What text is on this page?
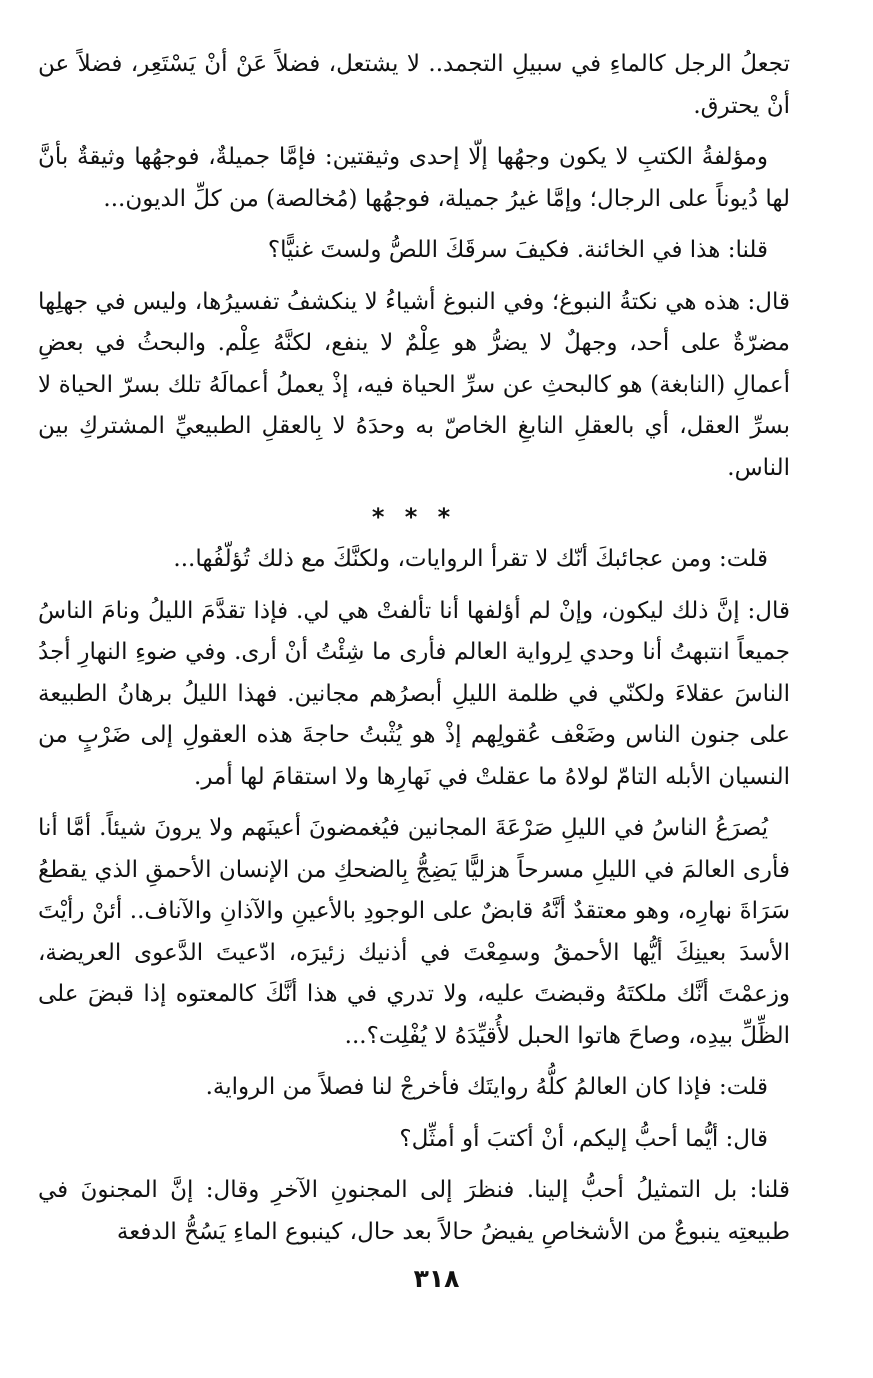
تجعلُ الرجل كالماءِ في سبيلِ التجمد.. لا يشتعل، فضلاً عَنْ أنْ يَسْتَعِر، فضلاً عن أنْ يحترق.

ومؤلفةُ الكتبِ لا يكون وجهُها إلّا إحدى وثيقتين: فإمَّا جميلةٌ، فوجهُها وثيقةٌ بأنَّ لها دُيوناً على الرجال؛ وإمَّا غيرُ جميلة، فوجهُها (مُخالصة) من كلِّ الديون...

قلنا: هذا في الخائنة. فكيفَ سرقَكَ اللصُّ ولستَ غنيًّا؟

قال: هذه هي نكتةُ النبوغ؛ وفي النبوغ أشياءُ لا ينكشفُ تفسيرُها، وليس في جهلِها مضرّةٌ على أحد، وجهلٌ لا يضرُّ هو عِلْمٌ لا ينفع، لكنَّهُ عِلْم. والبحثُ في بعضِ أعمالِ (النابغة) هو كالبحثِ عن سرِّ الحياة فيه، إذْ يعملُ أعمالَهُ تلك بسرّ الحياة لا بسرِّ العقل، أي بالعقلِ النابغِ الخاصّ به وحدَهُ لا بِالعقلِ الطبيعيِّ المشتركِ بين الناس.

* * *

قلت: ومن عجائبكَ أنّك لا تقرأ الروايات، ولكنَّكَ مع ذلك تُؤلّفُها...

قال: إنَّ ذلك ليكون، وإنْ لم أؤلفها أنا تألفتْ هي لي. فإذا تقدَّمَ الليلُ ونامَ الناسُ جميعاً انتبهتُ أنا وحدي لِرواية العالم فأرى ما شِئْتُ أنْ أرى. وفي ضوءِ النهارِ أجدُ الناسَ عقلاءَ ولكنّي في ظلمة الليلِ أبصرُهم مجانين. فهذا الليلُ برهانُ الطبيعة على جنون الناس وضَعْف عُقولِهم إذْ هو يُثْبتُ حاجةَ هذه العقولِ إلى ضَرْبٍ من النسيان الأبله التامّ لولاهُ ما عقلتْ في نَهارِها ولا استقامَ لها أمر.

يُصرَعُ الناسُ في الليلِ صَرْعَةَ المجانين فيُغمضونَ أعينَهم ولا يرونَ شيئاً. أمَّا أنا فأرى العالمَ في الليلِ مسرحاً هزليًّا يَضِجُّ بِالضحكِ من الإنسان الأحمقِ الذي يقطعُ سَرَاةَ نهارِه، وهو معتقدٌ أنَّهُ قابضٌ على الوجودِ بالأعينِ والآذانِ والآناف.. أئنْ رأيْتَ الأسدَ بعينِكَ أيُّها الأحمقُ وسمِعْتَ في أذنيك زئيرَه، ادّعيتَ الدَّعوى العريضة، وزعمْتَ أنَّك ملكتَهُ وقبضتَ عليه، ولا تدري في هذا أنَّكَ كالمعتوه إذا قبضَ على الظِّلِّ بيدِه، وصاحَ هاتوا الحبل لأُقيِّدَهُ لا يُفْلِت؟...

قلت: فإذا كان العالمُ كلُّهُ روايتَك فأخرجْ لنا فصلاً من الرواية.

قال: أيُّما أحبُّ إليكم، أنْ أكتبَ أو أمثِّل؟

قلنا: بل التمثيلُ أحبُّ إلينا. فنظرَ إلى المجنونِ الآخرِ وقال: إنَّ المجنونَ في طبيعتِه ينبوعٌ من الأشخاصِ يفيضُ حالاً بعد حال، كينبوع الماءِ يَسُحُّ الدفعة

٣١٨
